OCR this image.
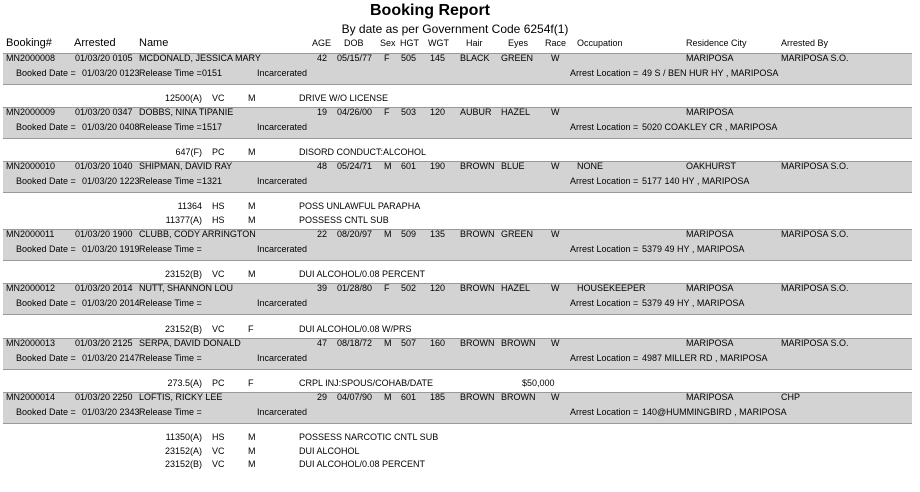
Booking Report
By date as per Government Code 6254f(1)
Booking# Arrested Name	AGE DOB Sex HGT WGT Hair	Eyes Race Occupation	Residence City	Arrested By
MN2000008 01/03/20 0105 MCDONALD, JESSICA MARY	42 05/15/77 F 505 145 BLACK GREEN W	MARIPOSA	MARIPOSA S.O.
Booked Date = 01/03/20 0123 Release Time = 0151	Incarcerated	Arrest Location = 49 S / BEN HUR HY , MARIPOSA
12500(A) VC	M	DRIVE W/O LICENSE
MN2000009 01/03/20 0347 DOBBS, NINA TIPANIE	19 04/26/00 F 503 120 AUBUR HAZEL W	MARIPOSA
Booked Date = 01/03/20 0408 Release Time = 1517	Incarcerated	Arrest Location = 5020 COAKLEY CR , MARIPOSA
647(F) PC	M	DISORD CONDUCT:ALCOHOL
MN2000010 01/03/20 1040 SHIPMAN, DAVID RAY	48 05/24/71 M 601 190 BROWN BLUE	W NONE	OAKHURST	MARIPOSA S.O.
Booked Date = 01/03/20 1223 Release Time = 1321	Incarcerated	Arrest Location = 5177 140 HY , MARIPOSA
11364 HS	M	POSS UNLAWFUL PARAPHA
11377(A) HS	M	POSSESS CNTL SUB
MN2000011 01/03/20 1900 CLUBB, CODY ARRINGTON	22 08/20/97 M 509 135 BROWN GREEN W	MARIPOSA	MARIPOSA S.O.
Booked Date = 01/03/20 1919 Release Time =	Incarcerated	Arrest Location = 5379 49 HY , MARIPOSA
23152(B) VC	M	DUI ALCOHOL/0.08 PERCENT
MN2000012 01/03/20 2014 NUTT, SHANNON LOU	39 01/28/80 F 502 120 BROWN HAZEL W HOUSEKEEPER	MARIPOSA	MARIPOSA S.O.
Booked Date = 01/03/20 2014 Release Time =	Incarcerated	Arrest Location = 5379 49 HY , MARIPOSA
23152(B) VC	F	DUI ALCOHOL/0.08 W/PRS
MN2000013 01/03/20 2125 SERPA, DAVID DONALD	47 08/18/72 M 507 160 BROWN BROWN W	MARIPOSA	MARIPOSA S.O.
Booked Date = 01/03/20 2147 Release Time =	Incarcerated	Arrest Location = 4987 MILLER RD , MARIPOSA
273.5(A) PC	F	CRPL INJ:SPOUS/COHAB/DATE	$50,000
MN2000014 01/03/20 2250 LOFTIS, RICKY LEE	29 04/07/90 M 601 185 BROWN BROWN W	MARIPOSA	CHP
Booked Date = 01/03/20 2343 Release Time =	Incarcerated	Arrest Location = 140@HUMMINGBIRD , MARIPOSA
11350(A) HS	M	POSSESS NARCOTIC CNTL SUB
23152(A) VC	M	DUI ALCOHOL
23152(B) VC	M	DUI ALCOHOL/0.08 PERCENT
